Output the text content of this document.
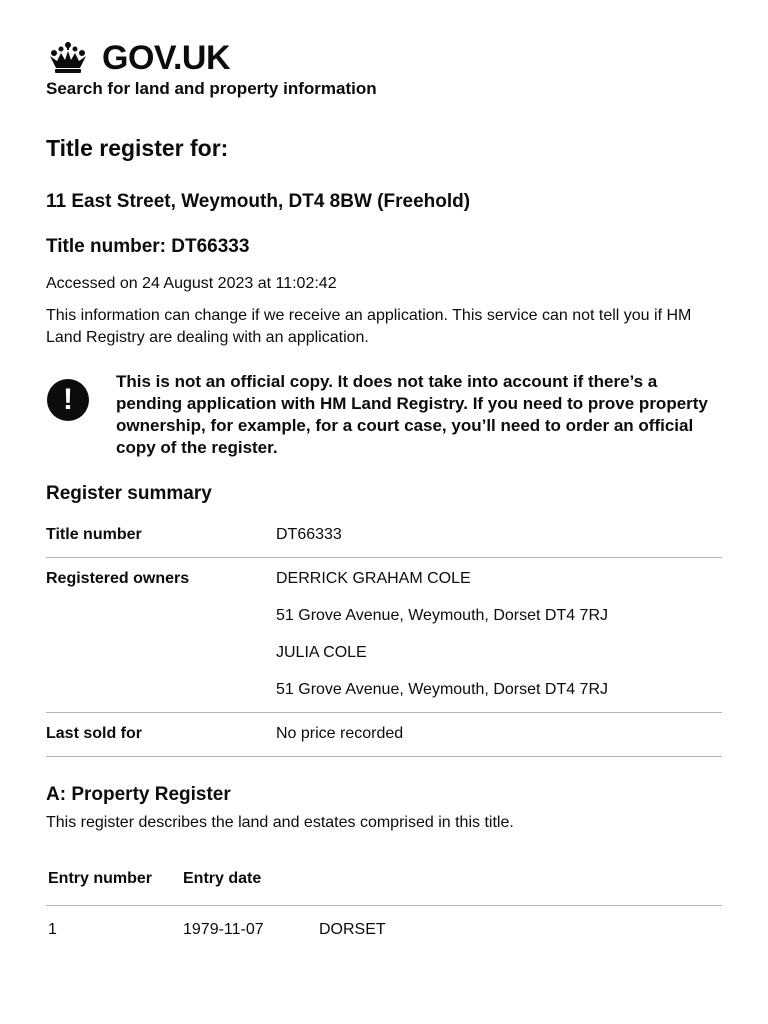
GOV.UK
Search for land and property information
Title register for:
11 East Street, Weymouth, DT4 8BW (Freehold)
Title number: DT66333

Accessed on 24 August 2023 at 11:02:42

This information can change if we receive an application. This service can not tell you if HM Land Registry are dealing with an application.

!
This is not an official copy. It does not take into account if there’s a pending application with HM Land Registry. If you need to prove property ownership, for example, for a court case, you’ll need to order an official copy of the register.
Register summary
Title number	DT66333

Registered owners	DERRICK GRAHAM COLE

51 Grove Avenue, Weymouth, Dorset DT4 7RJ

JULIA COLE

51 Grove Avenue, Weymouth, Dorset DT4 7RJ

Last sold for	No price recorded

A: Property Register

This register describes the land and estates comprised in this title.

Entry number	Entry date
1	1979-11-07	DORSET
